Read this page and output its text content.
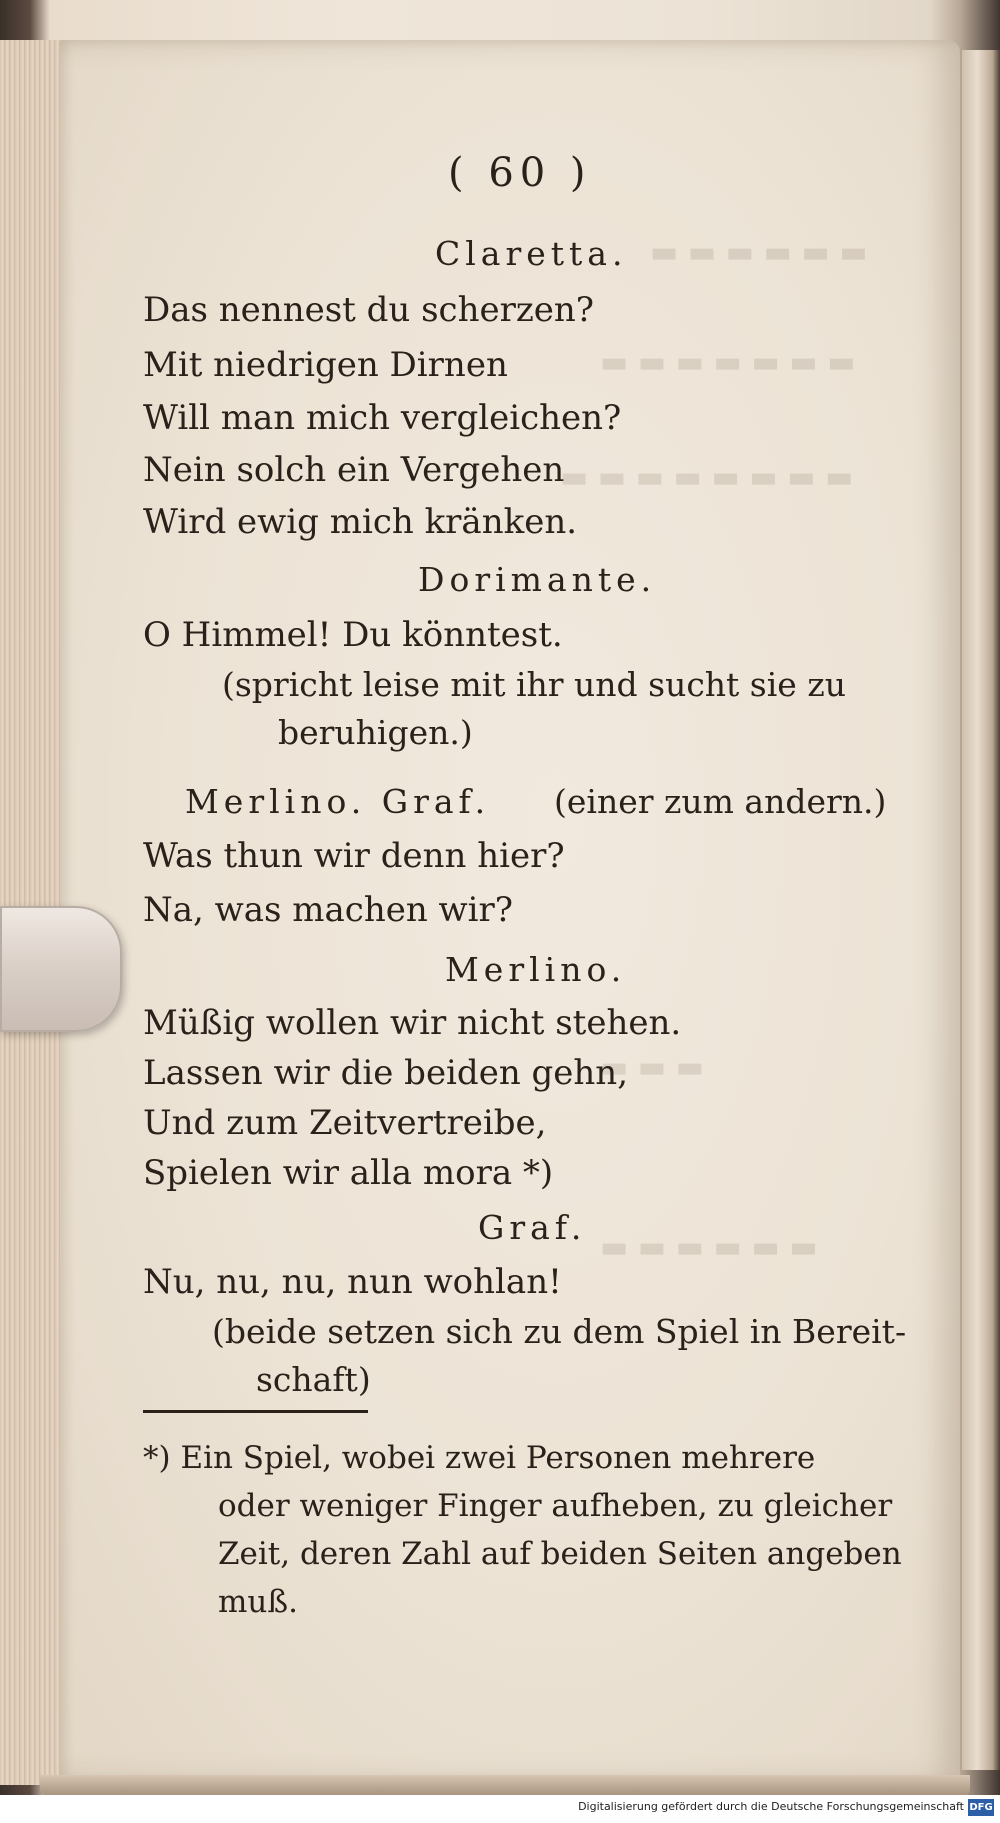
▬ ▬ ▬ ▬ ▬ ▬
▬ ▬ ▬ ▬ ▬ ▬ ▬
▬ ▬ ▬ ▬ ▬ ▬ ▬ ▬
▬ ▬ ▬
▬ ▬ ▬ ▬ ▬ ▬
( 60 )
Claretta.
Das nennest du scherzen?
Mit niedrigen Dirnen
Will man mich vergleichen?
Nein solch ein Vergehen
Wird ewig mich kränken.
Dorimante.
O Himmel! Du könntest.
(spricht leise mit ihr und sucht sie zu
beruhigen.)
Merlino. Graf. (einer zum andern.)
Was thun wir denn hier?
Na, was machen wir?
Merlino.
Müßig wollen wir nicht stehen.
Lassen wir die beiden gehn,
Und zum Zeitvertreibe,
Spielen wir alla mora *)
Graf.
Nu, nu, nu, nun wohlan!
(beide setzen sich zu dem Spiel in Bereit-
schaft)
*) Ein Spiel, wobei zwei Personen mehrere
oder weniger Finger aufheben, zu gleicher
Zeit, deren Zahl auf beiden Seiten angeben
muß.
Digitalisierung gefördert durch die Deutsche Forschungsgemeinschaft DFG
